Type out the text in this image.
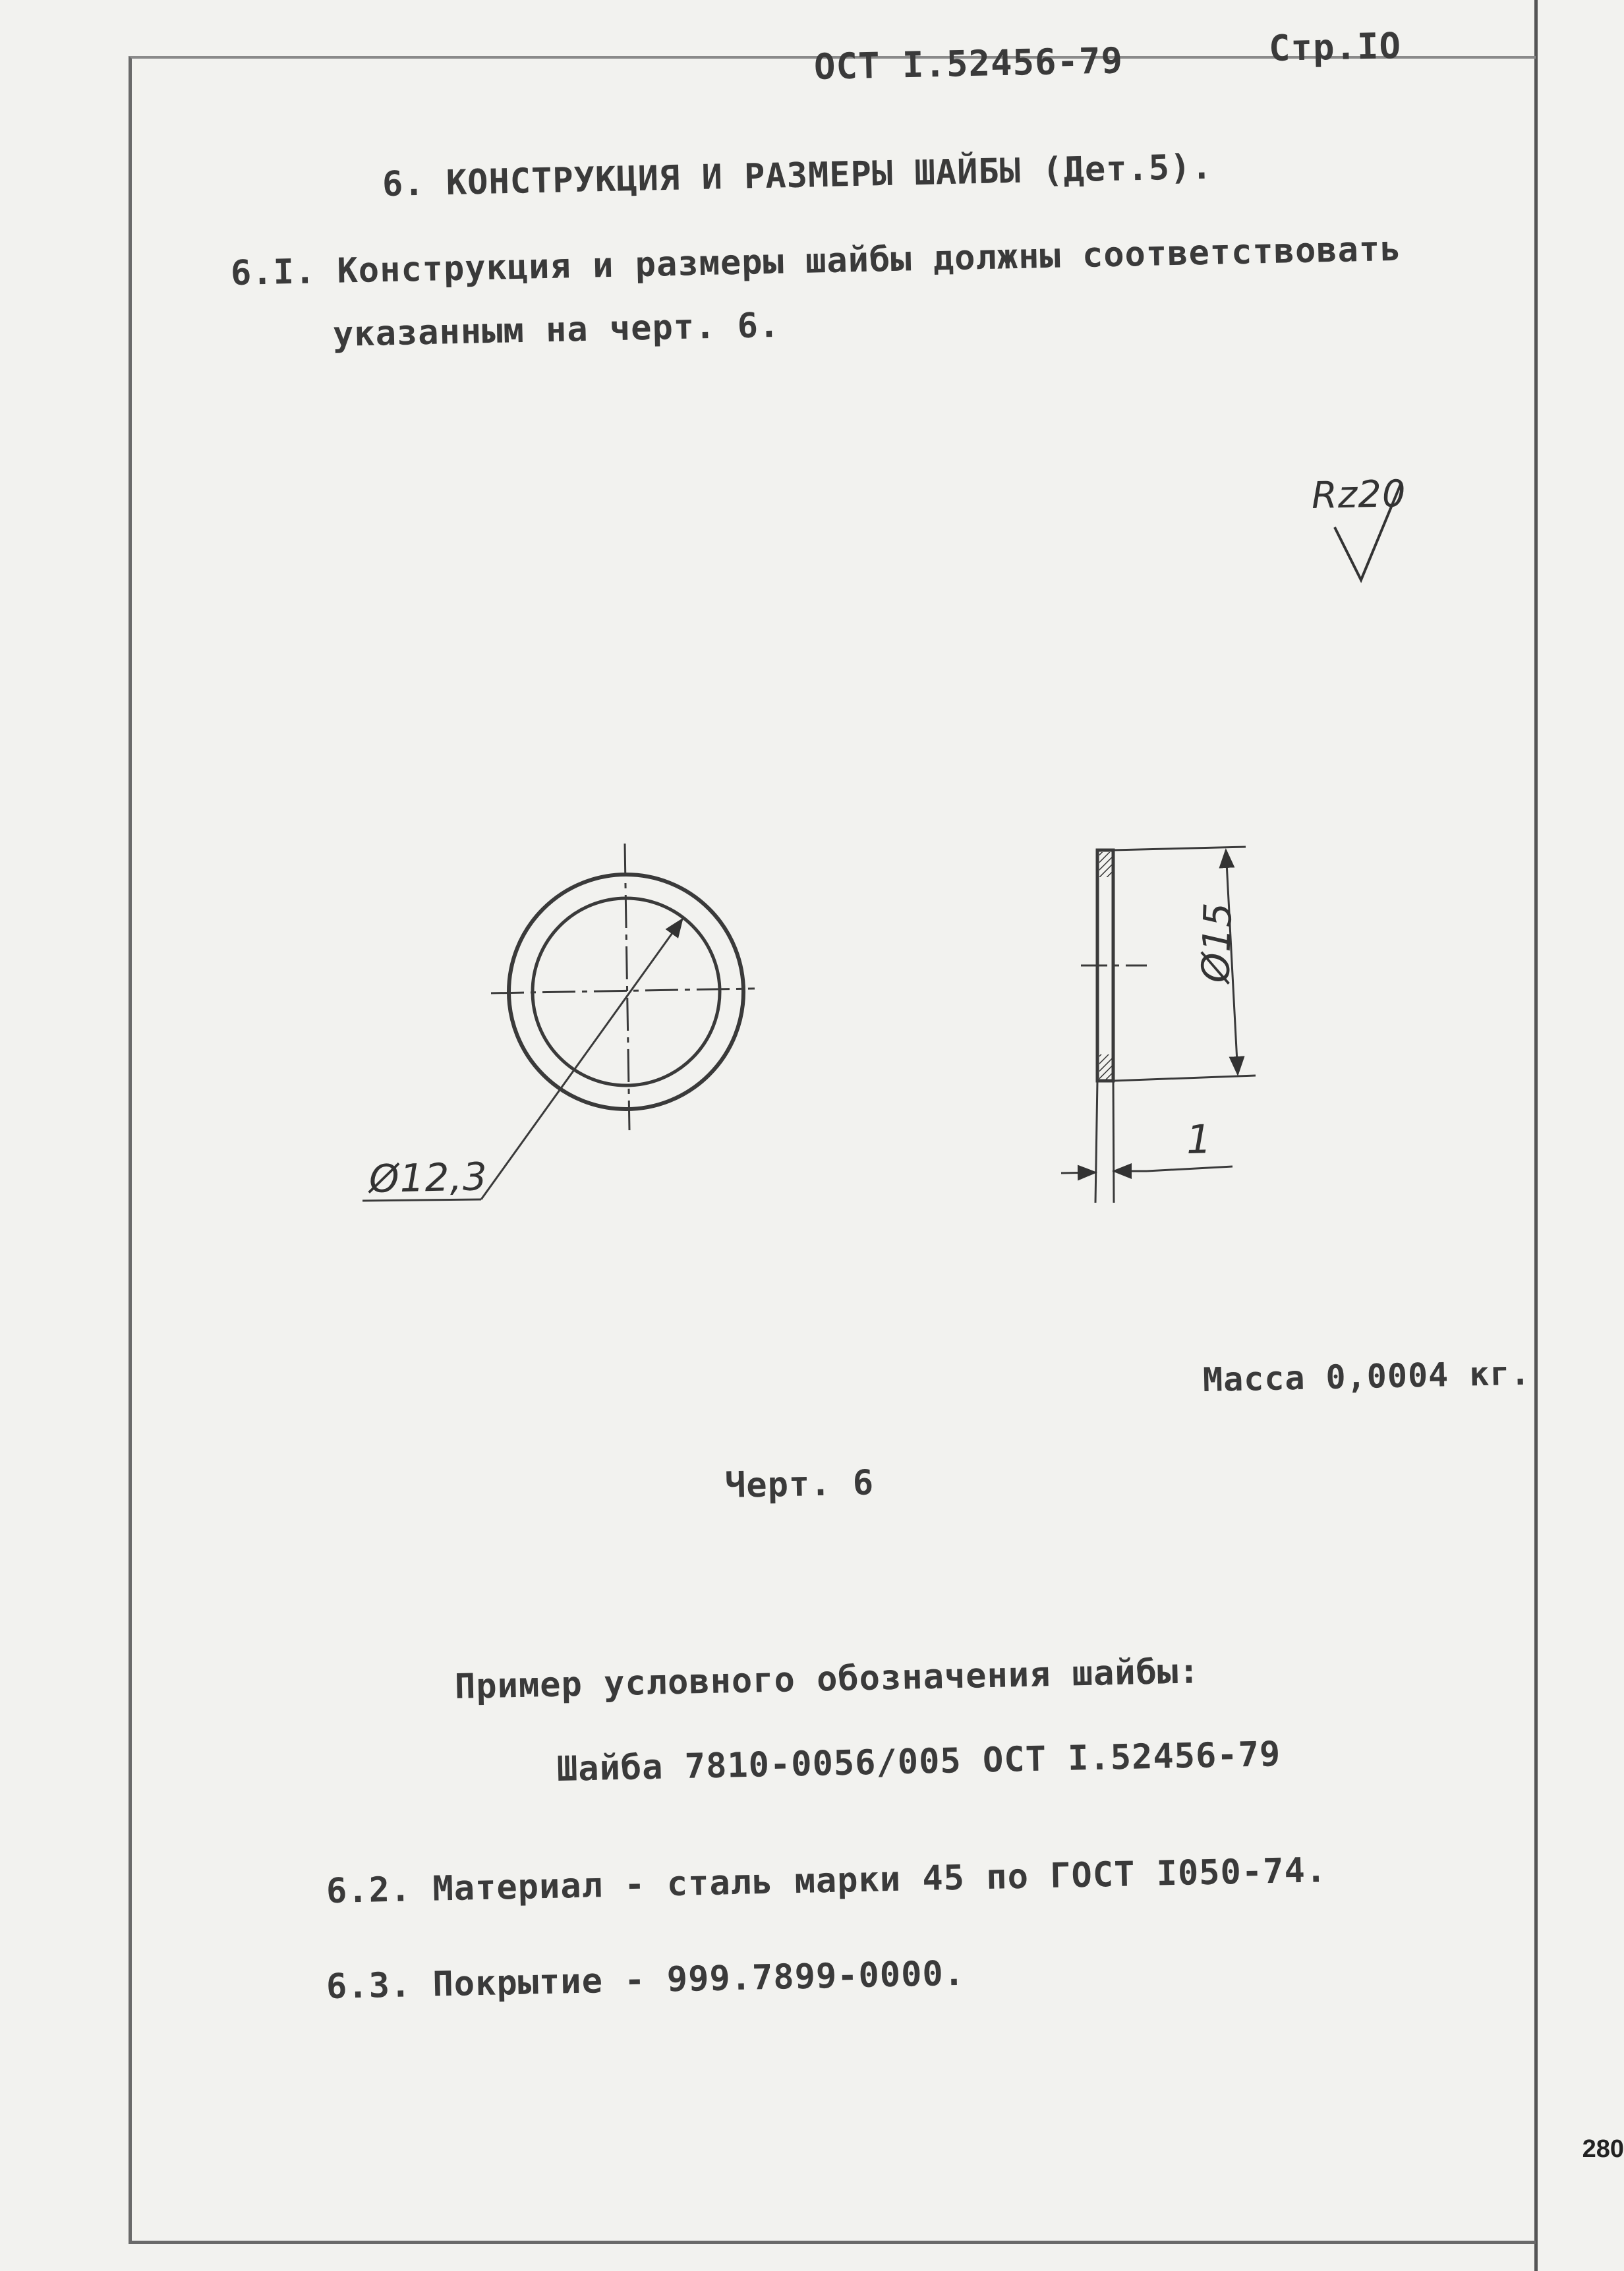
ОСТ I.52456-79	Стр.IO
6. КОНСТРУКЦИЯ И РАЗМЕРЫ ШАЙБЫ (Дет.5).
6.I. Конструкция и размеры шайбы должны соответствовать
указанным на черт. 6.
Rz20
Ø12,3
Ø15
1
Масса 0,0004 кг.
Черт. 6
Пример условного обозначения шайбы:
Шайба 7810-0056/005 ОСТ I.52456-79
6.2. Материал - сталь марки 45 по ГОСТ I050-74.
6.3. Покрытие - 999.7899-0000.
280
